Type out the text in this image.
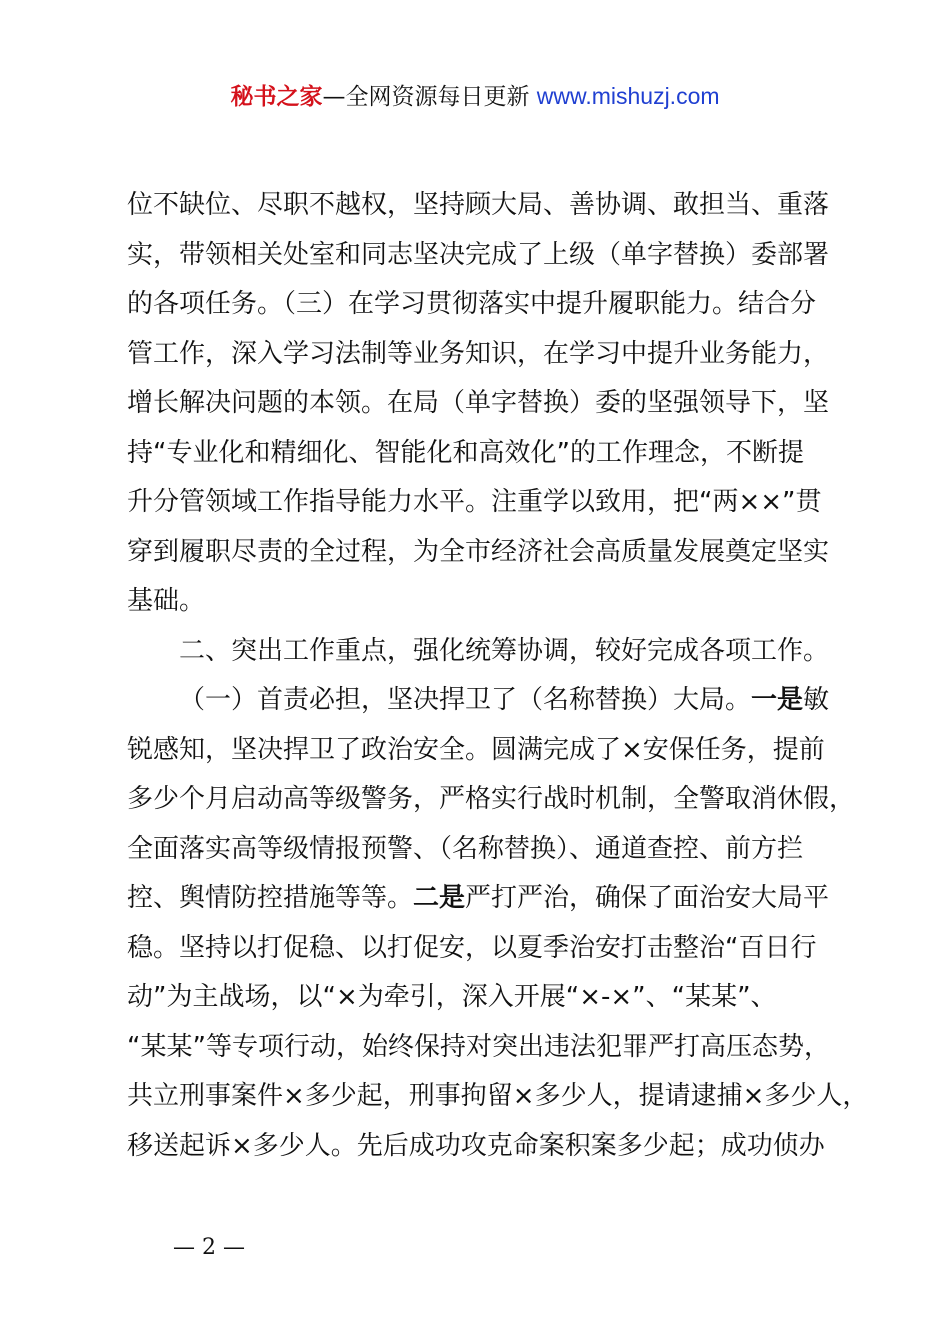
秘书之家—全网资源每日更新 www.mishuzj.com
位不缺位、尽职不越权，坚持顾大局、善协调、敢担当、重落
实，带领相关处室和同志坚决完成了上级（单字替换）委部署
的各项任务。（三）在学习贯彻落实中提升履职能力。结合分
管工作，深入学习法制等业务知识，在学习中提升业务能力，
增长解决问题的本领。在局（单字替换）委的坚强领导下，坚
持“专业化和精细化、智能化和高效化”的工作理念，不断提
升分管领域工作指导能力水平。注重学以致用，把“两××”贯
穿到履职尽责的全过程，为全市经济社会高质量发展奠定坚实
基础。
二、突出工作重点，强化统筹协调，较好完成各项工作。
（一）首责必担，坚决捍卫了（名称替换）大局。一是敏
锐感知，坚决捍卫了政治安全。圆满完成了×安保任务，提前
多少个月启动高等级警务，严格实行战时机制，全警取消休假，
全面落实高等级情报预警、（名称替换）、通道查控、前方拦
控、舆情防控措施等等。二是严打严治，确保了面治安大局平
稳。坚持以打促稳、以打促安，以夏季治安打击整治“百日行
动”为主战场，以“×为牵引，深入开展“×-×”、“某某”、
“某某”等专项行动，始终保持对突出违法犯罪严打高压态势，
共立刑事案件×多少起，刑事拘留×多少人，提请逮捕×多少人，
移送起诉×多少人。先后成功攻克命案积案多少起；成功侦办
— 2 —
